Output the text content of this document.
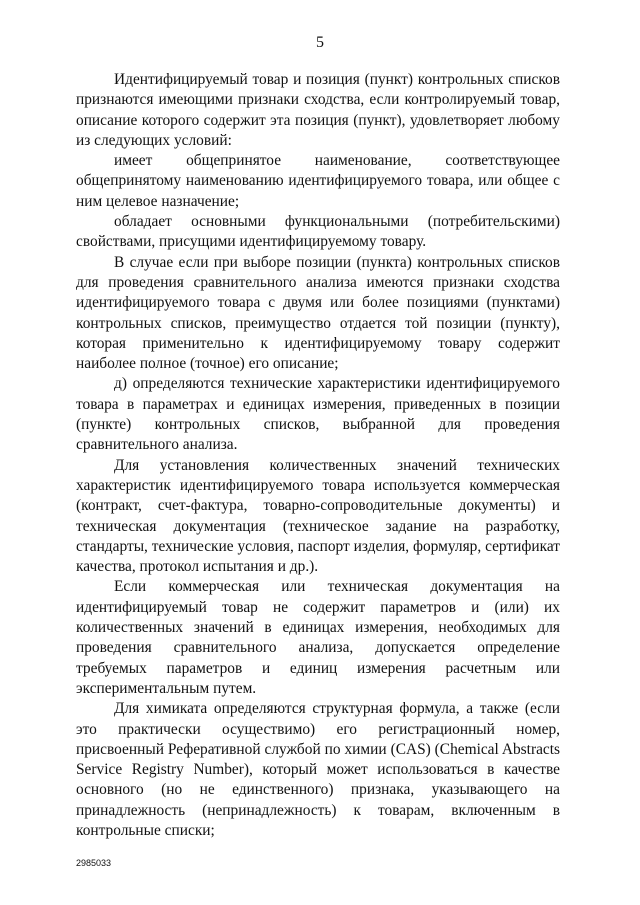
5

Идентифицируемый товар и позиция (пункт) контрольных списков признаются имеющими признаки сходства, если контролируемый товар, описание которого содержит эта позиция (пункт), удовлетворяет любому из следующих условий:

имеет общепринятое наименование, соответствующее общепринятому наименованию идентифицируемого товара, или общее с ним целевое назначение;

обладает основными функциональными (потребительскими) свойствами, присущими идентифицируемому товару.

В случае если при выборе позиции (пункта) контрольных списков для проведения сравнительного анализа имеются признаки сходства идентифицируемого товара с двумя или более позициями (пунктами) контрольных списков, преимущество отдается той позиции (пункту), которая применительно к идентифицируемому товару содержит наиболее полное (точное) его описание;

д) определяются технические характеристики идентифицируемого товара в параметрах и единицах измерения, приведенных в позиции (пункте) контрольных списков, выбранной для проведения сравнительного анализа.

Для установления количественных значений технических характеристик идентифицируемого товара используется коммерческая (контракт, счет-фактура, товарно-сопроводительные документы) и техническая документация (техническое задание на разработку, стандарты, технические условия, паспорт изделия, формуляр, сертификат качества, протокол испытания и др.).

Если коммерческая или техническая документация на идентифицируемый товар не содержит параметров и (или) их количественных значений в единицах измерения, необходимых для проведения сравнительного анализа, допускается определение требуемых параметров и единиц измерения расчетным или экспериментальным путем.

Для химиката определяются структурная формула, а также (если это практически осуществимо) его регистрационный номер, присвоенный Реферативной службой по химии (CAS) (Chemical Abstracts Service Registry Number), который может использоваться в качестве основного (но не единственного) признака, указывающего на принадлежность (непринадлежность) к товарам, включенным в контрольные списки;

2985033
